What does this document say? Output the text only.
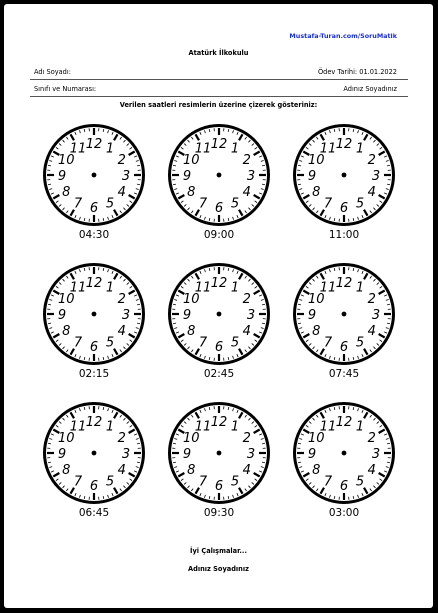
Mustafa-Turan.com/SoruMatik
Atatürk İlkokulu
Adı Soyadı:	Ödev Tarihi: 01.01.2022
Sınıfı ve Numarası:	Adınız Soyadınız
Verilen saatleri resimlerin üzerine çizerek gösteriniz:
12 1
2
3
4
5
6
7
8
9
10
11
04:30
12 1
2
3
4
5
6
7
8
9
10
11
09:00
12 1
2
3
4
5
6
7
8
9
10
11
11:00
12 1
2
3
4
5
6
7
8
9
10
11
02:15
12 1
2
3
4
5
6
7
8
9
10
11
02:45
12 1
2
3
4
5
6
7
8
9
10
11
07:45
12 1
2
3
4
5
6
7
8
9
10
11
06:45
12 1
2
3
4
5
6
7
8
9
10
11
09:30
12 1
2
3
4
5
6
7
8
9
10
11
03:00
İyi Çalışmalar...
Adınız Soyadınız
